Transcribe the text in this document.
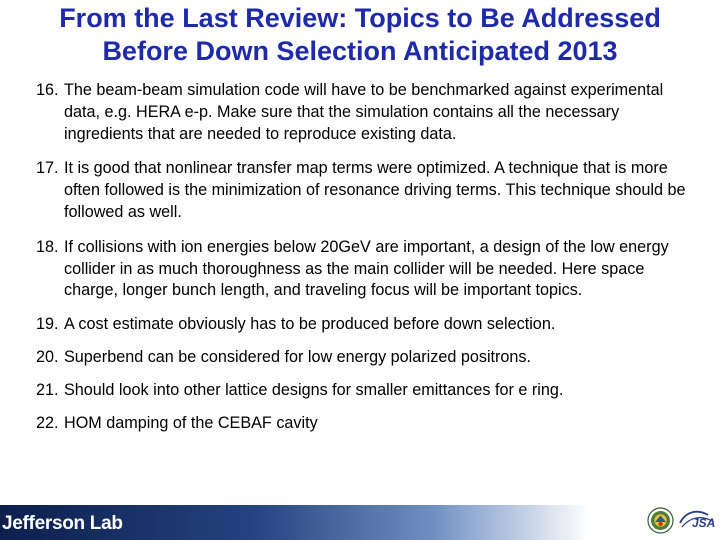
From the Last Review: Topics to Be Addressed
Before Down Selection Anticipated 2013
16. The beam-beam simulation code will have to be benchmarked against experimental data, e.g. HERA e-p. Make sure that the simulation contains all the necessary ingredients that are needed to reproduce existing data.
17. It is good that nonlinear transfer map terms were optimized. A technique that is more often followed is the minimization of resonance driving terms. This technique should be followed as well.
18. If collisions with ion energies below 20GeV are important, a design of the low energy collider in as much thoroughness as the main collider will be needed. Here space charge, longer bunch length, and traveling focus will be important topics.
19. A cost estimate obviously has to be produced before down selection.
20. Superbend can be considered for low energy polarized positrons.
21. Should look into other lattice designs for smaller emittances for e ring.
22. HOM damping of the CEBAF cavity
Jefferson Lab	JSA
